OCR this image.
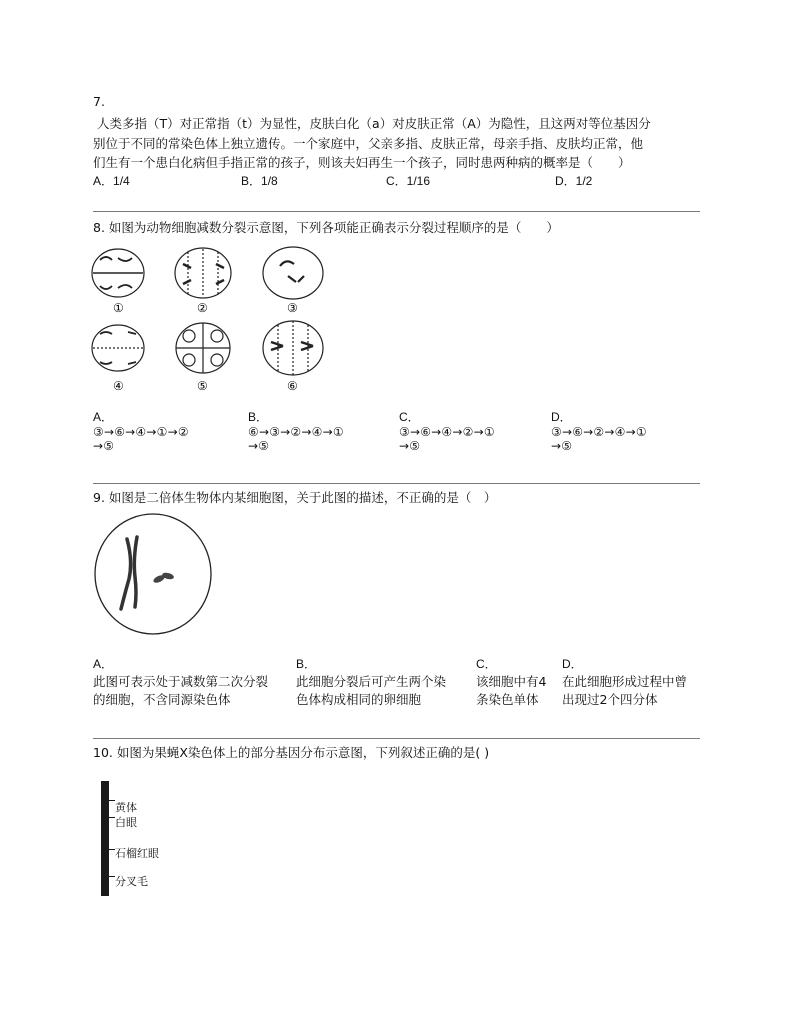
7.
人类多指（T）对正常指（t）为显性，皮肤白化（a）对皮肤正常（A）为隐性，且这两对等位基因分
别位于不同的常染色体上独立遗传。一个家庭中，父亲多指、皮肤正常，母亲手指、皮肤均正常，他
们生有一个患白化病但手指正常的孩子，则该夫妇再生一个孩子，同时患两种病的概率是（　　）
A．1/4	B．1/8	C．1/16	D．1/2
8. 如图为动物细胞减数分裂示意图，下列各项能正确表示分裂过程顺序的是（　　）
①	②	③
④	⑤	⑥
A．
③→⑥→④→①→②
→⑤
B．
⑥→③→②→④→①
→⑤
C．
③→⑥→④→②→①
→⑤
D．
③→⑥→②→④→①
→⑤
9. 如图是二倍体生物体内某细胞图，关于此图的描述，不正确的是（　）
A．
此图可表示处于减数第二次分裂
的细胞，不含同源染色体
B．
此细胞分裂后可产生两个染
色体构成相同的卵细胞
C．
该细胞中有4
条染色单体
D．
在此细胞形成过程中曾
出现过2个四分体
10. 如图为果蝇X染色体上的部分基因分布示意图，下列叙述正确的是( )
黄体
白眼
石榴红眼
分叉毛
